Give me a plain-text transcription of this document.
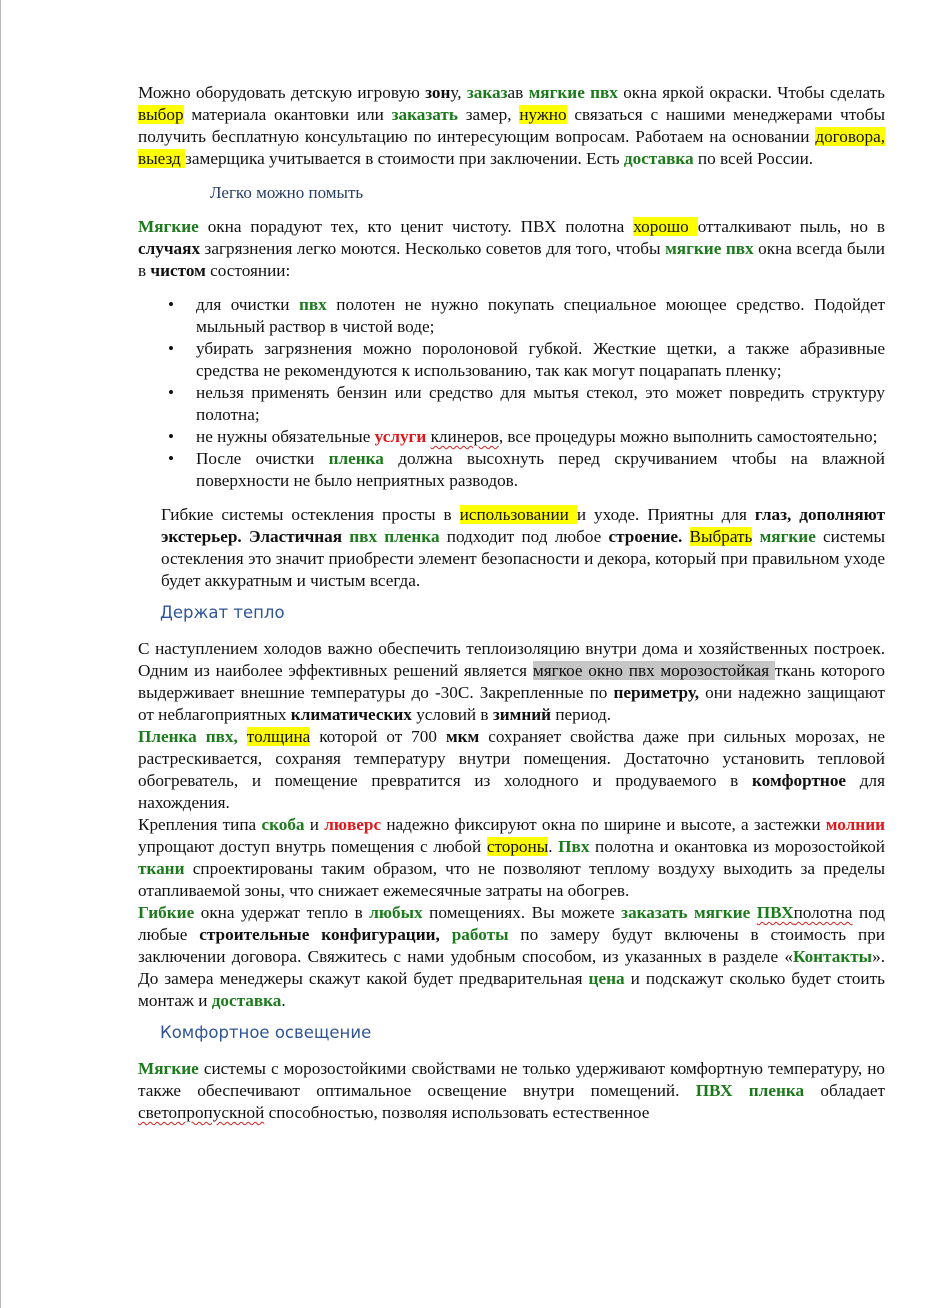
Можно оборудовать детскую игровую зону, заказав мягкие пвх окна яркой окраски. Чтобы сделать выбор материала окантовки или заказать замер, нужно связаться с нашими менеджерами чтобы получить бесплатную консультацию по интересующим вопросам. Работаем на основании договора, выезд замерщика учитывается в стоимости при заключении. Есть доставка по всей России.

Легко можно помыть

Мягкие окна порадуют тех, кто ценит чистоту. ПВХ полотна хорошо отталкивают пыль, но в случаях загрязнения легко моются. Несколько советов для того, чтобы мягкие пвх окна всегда были в чистом состоянии:

• для очистки пвх полотен не нужно покупать специальное моющее средство. Подойдет мыльный раствор в чистой воде;
• убирать загрязнения можно поролоновой губкой. Жесткие щетки, а также абразивные средства не рекомендуются к использованию, так как могут поцарапать пленку;
• нельзя применять бензин или средство для мытья стекол, это может повредить структуру полотна;
• не нужны обязательные услуги клинеров, все процедуры можно выполнить самостоятельно;
• После очистки пленка должна высохнуть перед скручиванием чтобы на влажной поверхности не было неприятных разводов.

Гибкие системы остекления просты в использовании и уходе. Приятны для глаз, дополняют экстерьер. Эластичная пвх пленка подходит под любое строение. Выбрать мягкие системы остекления это значит приобрести элемент безопасности и декора, который при правильном уходе будет аккуратным и чистым всегда.

Держат тепло

С наступлением холодов важно обеспечить теплоизоляцию внутри дома и хозяйственных построек. Одним из наиболее эффективных решений является мягкое окно пвх морозостойкая ткань которого выдерживает внешние температуры до -30С. Закрепленные по периметру, они надежно защищают от неблагоприятных климатических условий в зимний период.

Пленка пвх, толщина которой от 700 мкм сохраняет свойства даже при сильных морозах, не растрескивается, сохраняя температуру внутри помещения. Достаточно установить тепловой обогреватель, и помещение превратится из холодного и продуваемого в комфортное для нахождения.

Крепления типа скоба и люверс надежно фиксируют окна по ширине и высоте, а застежки молнии упрощают доступ внутрь помещения с любой стороны. Пвх полотна и окантовка из морозостойкой ткани спроектированы таким образом, что не позволяют теплому воздуху выходить за пределы отапливаемой зоны, что снижает ежемесячные затраты на обогрев.

Гибкие окна удержат тепло в любых помещениях. Вы можете заказать мягкие ПВХполотна под любые строительные конфигурации, работы по замеру будут включены в стоимость при заключении договора. Свяжитесь с нами удобным способом, из указанных в разделе «Контакты». До замера менеджеры скажут какой будет предварительная цена и подскажут сколько будет стоить монтаж и доставка.

Комфортное освещение

Мягкие системы с морозостойкими свойствами не только удерживают комфортную температуру, но также обеспечивают оптимальное освещение внутри помещений. ПВХ пленка обладает светопропускной способностью, позволяя использовать естественное
